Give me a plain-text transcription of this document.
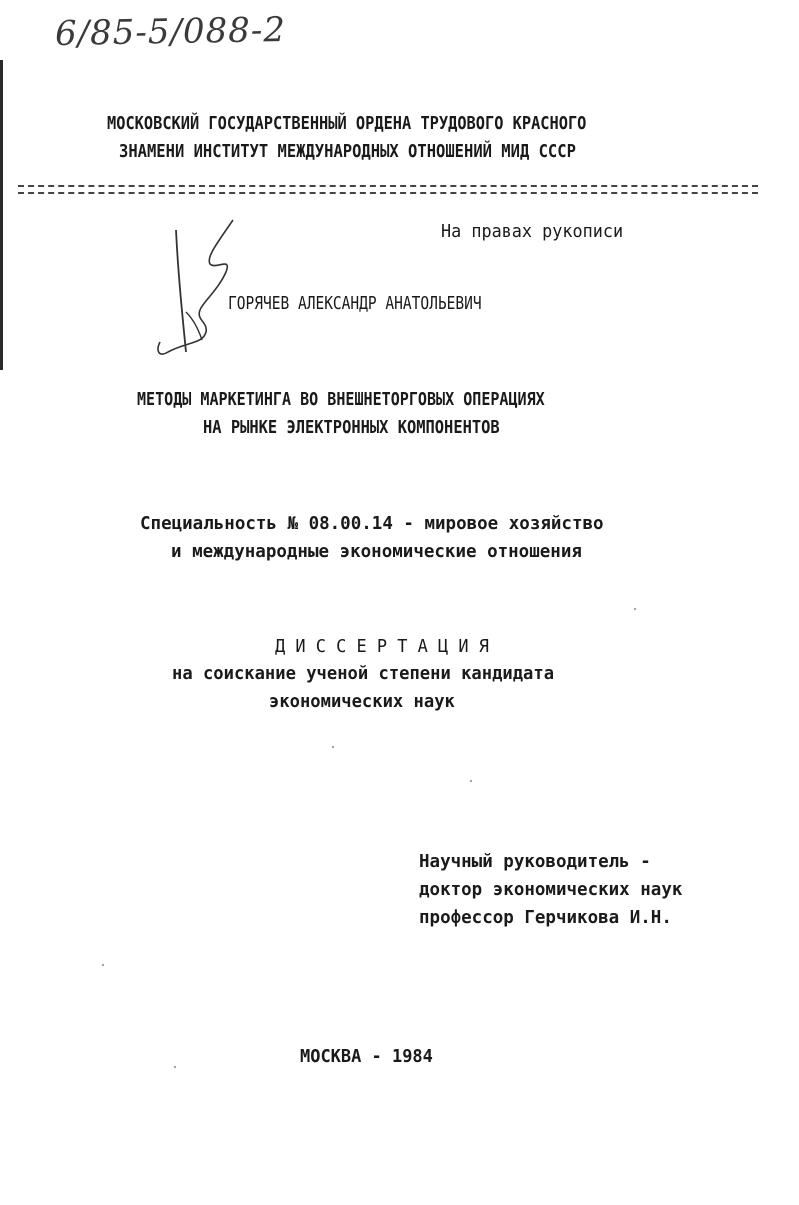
6/85-5/088-2
МОСКОВСКИЙ ГОСУДАРСТВЕННЫЙ ОРДЕНА ТРУДОВОГО КРАСНОГО
ЗНАМЕНИ ИНСТИТУТ МЕЖДУНАРОДНЫХ ОТНОШЕНИЙ МИД СССР
На правах рукописи
ГОРЯЧЕВ АЛЕКСАНДР АНАТОЛЬЕВИЧ
МЕТОДЫ МАРКЕТИНГА ВО ВНЕШНЕТОРГОВЫХ ОПЕРАЦИЯХ
НА РЫНКЕ ЭЛЕКТРОННЫХ КОМПОНЕНТОВ
Специальность № 08.00.14 - мировое хозяйство
и международные экономические отношения
Д И С С Е Р Т А Ц И Я
на соискание ученой степени кандидата
экономических наук
Научный руководитель -
доктор экономических наук
профессор Герчикова И.Н.
МОСКВА - 1984
